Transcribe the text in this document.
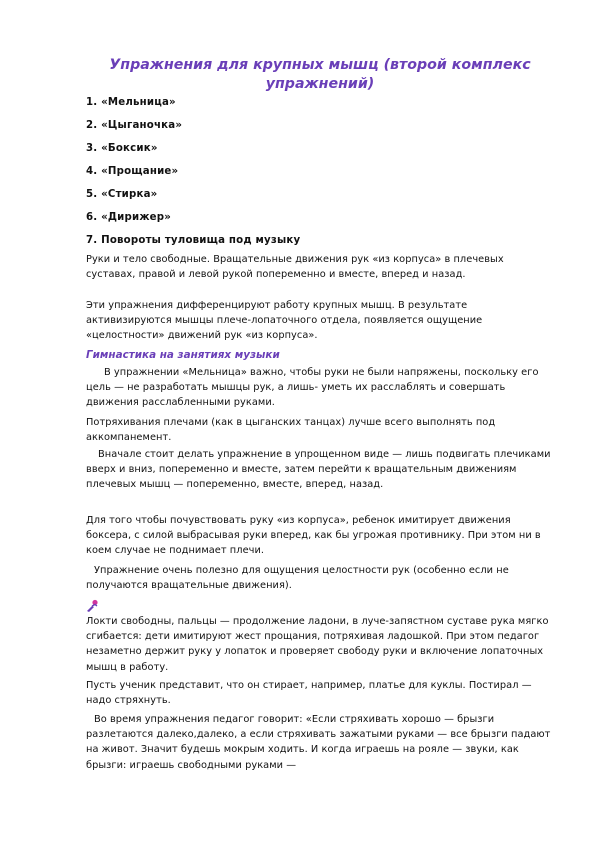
Упражнения для крупных мышц (второй комплекс упражнений)
1. «Мельница»
2. «Цыганочка»
3. «Боксик»
4. «Прощание»
5. «Стирка»
6. «Дирижер»
7. Повороты туловища под музыку

Руки и тело свободные. Вращательные движения рук «из корпуса» в плечевых суставах, правой и левой рукой попеременно и вместе, вперед и назад.

Эти упражнения дифференцируют работу крупных мышц. В результате активизируются мышцы плече-лопаточного отдела, появляется ощущение «целостности» движений рук «из корпуса».

Гимнастика на занятиях музыки

В упражнении «Мельница» важно, чтобы руки не были напряжены, поскольку его цель — не разработать мышцы рук, а лишь- уметь их расслаблять и совершать движения расслабленными руками.

Потряхивания плечами (как в цыганских танцах) лучше всего выполнять под аккомпанемент.

Вначале стоит делать упражнение в упрощенном виде — лишь подвигать плечиками вверх и вниз, попеременно и вместе, затем перейти к вращательным движениям плечевых мышц — попеременно, вместе, вперед, назад.

Для того чтобы почувствовать руку «из корпуса», ребенок имитирует движения боксера, с силой выбрасывая руки вперед, как бы угрожая противнику. При этом ни в коем случае не поднимает плечи.

Упражнение очень полезно для ощущения целостности рук (особенно если не получаются вращательные движения).

Локти свободны, пальцы — продолжение ладони, в луче-запястном суставе рука мягко сгибается: дети имитируют жест прощания, потряхивая ладошкой. При этом педагог незаметно держит руку у лопаток и проверяет свободу руки и включение лопаточных мышц в работу.

Пусть ученик представит, что он стирает, например, платье для куклы. Постирал — надо стряхнуть.

Во время упражнения педагог говорит: «Если стряхивать хорошо — брызги разлетаются далеко,далеко, а если стряхивать зажатыми руками — все брызги падают на живот. Значит будешь мокрым ходить. И когда играешь на рояле — звуки, как брызги: играешь свободными руками —
